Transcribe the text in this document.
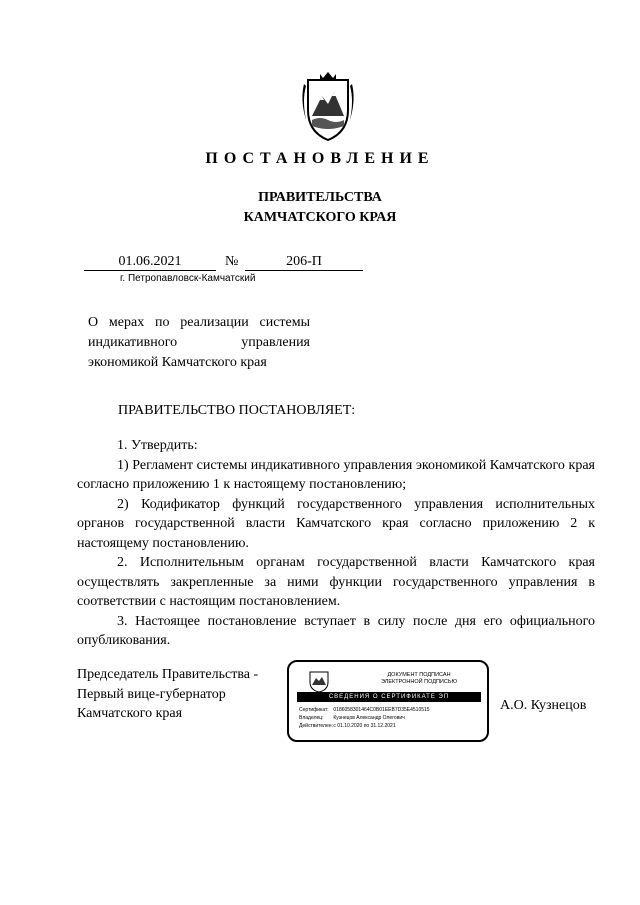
ПОСТАНОВЛЕНИЕ
ПРАВИТЕЛЬСТВА
КАМЧАТСКОГО КРАЯ
01.06.2021	№	206-П
г. Петропавловск-Камчатский
О мерах по реализации системы индикативного управления экономикой Камчатского края
ПРАВИТЕЛЬСТВО ПОСТАНОВЛЯЕТ:

1. Утвердить:

1) Регламент системы индикативного управления экономикой Камчатского края согласно приложению 1 к настоящему постановлению;

2) Кодификатор функций государственного управления исполнительных органов государственной власти Камчатского края согласно приложению 2 к настоящему постановлению.

2. Исполнительным органам государственной власти Камчатского края осуществлять закрепленные за ними функции государственного управления в соответствии с настоящим постановлением.

3. Настоящее постановление вступает в силу после дня его официального опубликования.

Председатель Правительства -
Первый вице-губернатор
Камчатского края
ДОКУМЕНТ ПОДПИСАН
ЭЛЕКТРОННОЙ ПОДПИСЬЮ
СВЕДЕНИЯ О СЕРТИФИКАТЕ ЭП
Сертификат: 0186058301464C0B01EEB7D35E4510515
Владелец: Кузнецов Александр Олегович
Действителен: с 01.10.2020 по 31.12.2021
А.О. Кузнецов
